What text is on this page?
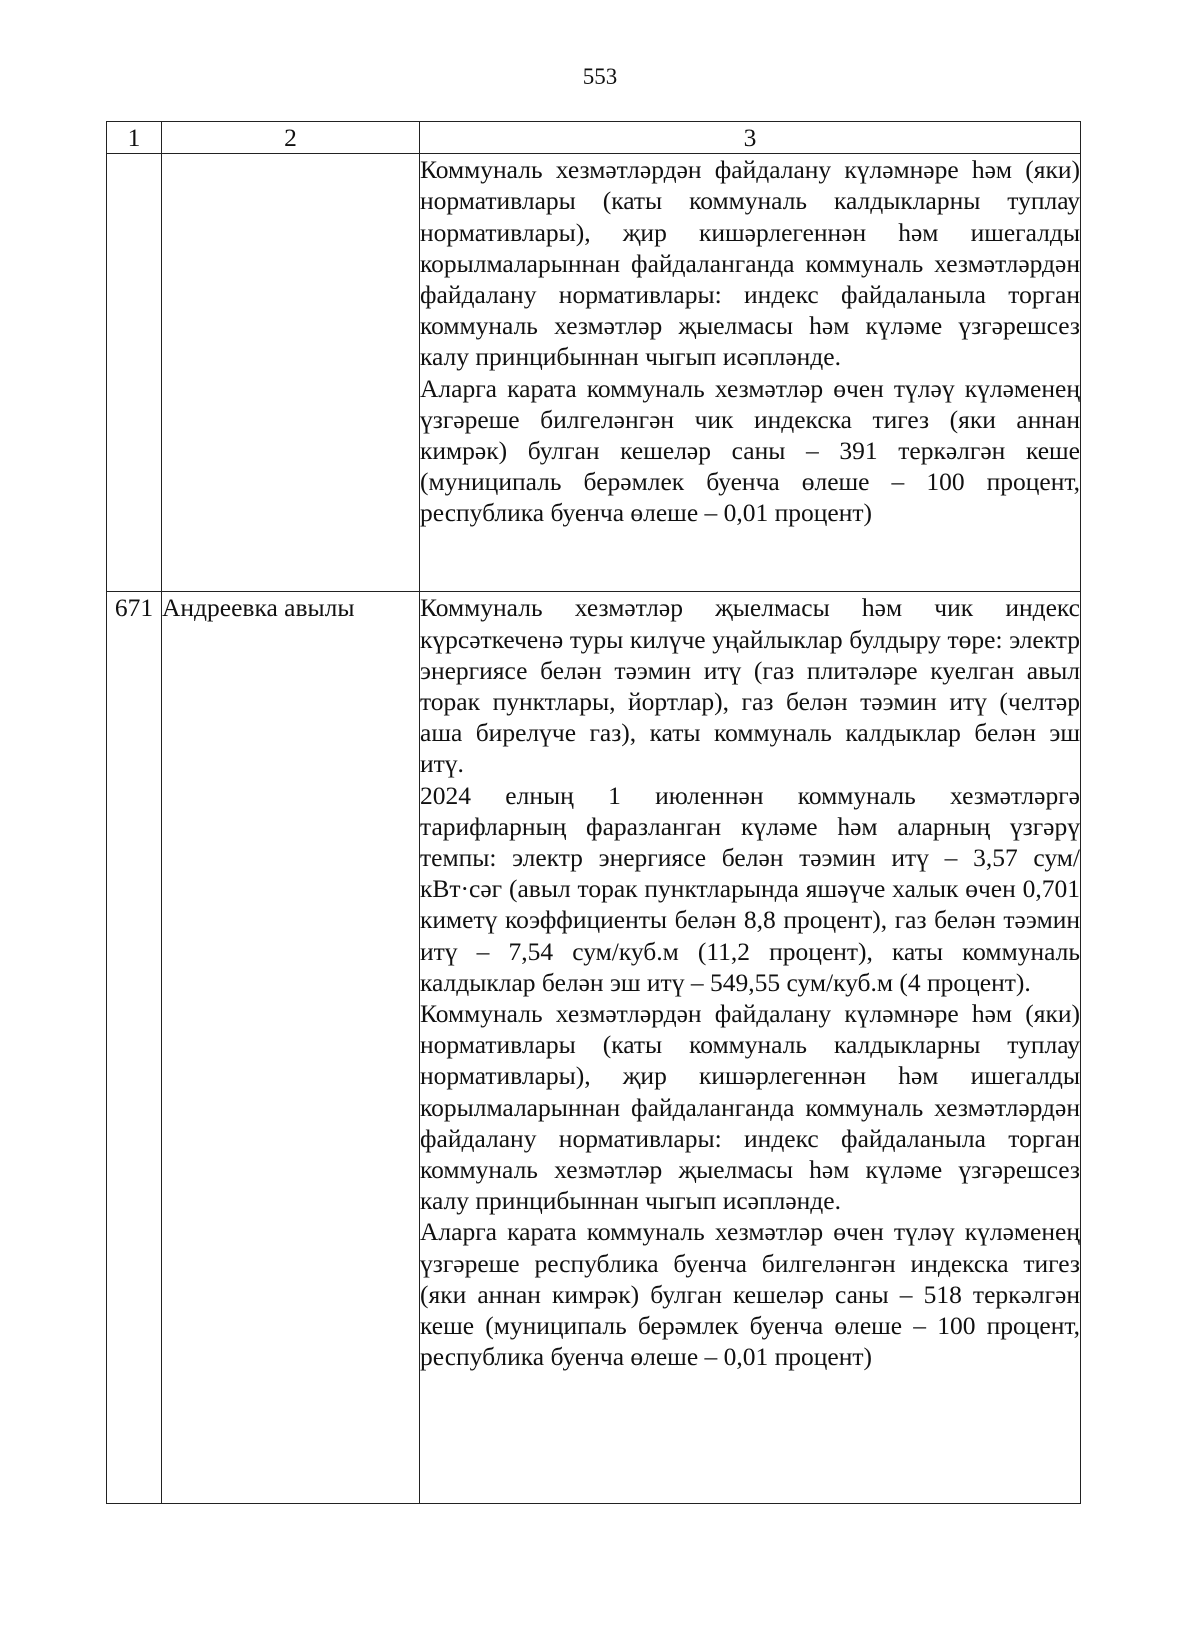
553
1	2	3

		Коммуналь хезмәтләрдән файдалану күләмнәре һәм (яки) нормативлары (каты коммуналь калдыкларны туплау нормативлары), җир кишәрлегеннән һәм ишегалды корылмаларыннан файдаланганда коммуналь хезмәтләрдән файдалану нормативлары: индекс файдаланыла торган коммуналь хезмәтләр җыелмасы һәм күләме үзгәрешсез калу принцибыннан чыгып исәпләнде.

Аларга карата коммуналь хезмәтләр өчен түләү күләменең үзгәреше билгеләнгән чик индекска тигез (яки аннан кимрәк) булган кешеләр саны – 391 теркәлгән кеше (муниципаль берәмлек буенча өлеше – 100 процент, республика буенча өлеше – 0,01 процент)

671	Андреевка авылы	Коммуналь хезмәтләр җыелмасы һәм чик индекс күрсәткеченә туры килүче уңайлыклар булдыру төре: электр энергиясе белән тәэмин итү (газ плитәләре куелган авыл торак пунктлары, йортлар), газ белән тәэмин итү (челтәр аша бирелүче газ), каты коммуналь калдыклар белән эш итү.

2024 елның 1 июленнән коммуналь хезмәтләргә тарифларның фаразланган күләме һәм аларның үзгәрү темпы: электр энергиясе белән тәэмин итү – 3,57 сум/кВт·сәг (авыл торак пунктларында яшәүче халык өчен 0,701 киметү коэффициенты белән 8,8 процент), газ белән тәэмин итү – 7,54 сум/куб.м (11,2 процент), каты коммуналь калдыклар белән эш итү – 549,55 сум/куб.м (4 процент).

Коммуналь хезмәтләрдән файдалану күләмнәре һәм (яки) нормативлары (каты коммуналь калдыкларны туплау нормативлары), җир кишәрлегеннән һәм ишегалды корылмаларыннан файдаланганда коммуналь хезмәтләрдән файдалану нормативлары: индекс файдаланыла торган коммуналь хезмәтләр җыелмасы һәм күләме үзгәрешсез калу принцибыннан чыгып исәпләнде.

Аларга карата коммуналь хезмәтләр өчен түләү күләменең үзгәреше республика буенча билгеләнгән индекска тигез (яки аннан кимрәк) булган кешеләр саны – 518 теркәлгән кеше (муниципаль берәмлек буенча өлеше – 100 процент, республика буенча өлеше – 0,01 процент)
